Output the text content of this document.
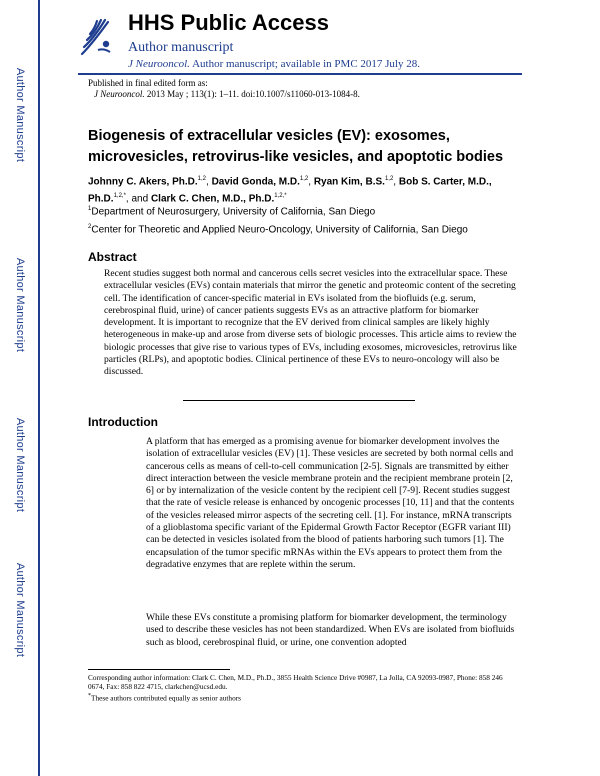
Author Manuscript
Author Manuscript
Author Manuscript
Author Manuscript
HHS Public Access
Author manuscript
J Neurooncol. Author manuscript; available in PMC 2017 July 28.
Published in final edited form as:
J Neurooncol. 2013 May ; 113(1): 1–11. doi:10.1007/s11060-013-1084-8.
Biogenesis of extracellular vesicles (EV): exosomes, microvesicles, retrovirus-like vesicles, and apoptotic bodies
Johnny C. Akers, Ph.D.$^{1,2}$, David Gonda, M.D.$^{1,2}$, Ryan Kim, B.S.$^{1,2}$, Bob S. Carter, M.D., Ph.D.$^{1,2,*}$, and Clark C. Chen, M.D., Ph.D.$^{1,2,*}$
$^1$Department of Neurosurgery, University of California, San Diego
$^2$Center for Theoretic and Applied Neuro-Oncology, University of California, San Diego
Abstract

Recent studies suggest both normal and cancerous cells secret vesicles into the extracellular space. These extracellular vesicles (EVs) contain materials that mirror the genetic and proteomic content of the secreting cell. The identification of cancer-specific material in EVs isolated from the biofluids (e.g. serum, cerebrospinal fluid, urine) of cancer patients suggests EVs as an attractive platform for biomarker development. It is important to recognize that the EV derived from clinical samples are likely highly heterogeneous in make-up and arose from diverse sets of biologic processes. This article aims to review the biologic processes that give rise to various types of EVs, including exosomes, microvesicles, retrovirus like particles (RLPs), and apoptotic bodies. Clinical pertinence of these EVs to neuro-oncology will also be discussed.

Introduction

A platform that has emerged as a promising avenue for biomarker development involves the isolation of extracellular vesicles (EV) [1]. These vesicles are secreted by both normal cells and cancerous cells as means of cell-to-cell communication [2-5]. Signals are transmitted by either direct interaction between the vesicle membrane protein and the recipient membrane protein [2, 6] or by internalization of the vesicle content by the recipient cell [7-9]. Recent studies suggest that the rate of vesicle release is enhanced by oncogenic processes [10, 11] and that the contents of the vesicles released mirror aspects of the secreting cell. [1]. For instance, mRNA transcripts of a glioblastoma specific variant of the Epidermal Growth Factor Receptor (EGFR variant III) can be detected in vesicles isolated from the blood of patients harboring such tumors [1]. The encapsulation of the tumor specific mRNAs within the EVs appears to protect them from the degradative enzymes that are replete within the serum.

While these EVs constitute a promising platform for biomarker development, the terminology used to describe these vesicles has not been standardized. When EVs are isolated from biofluids such as blood, cerebrospinal fluid, or urine, one convention adopted

Corresponding author information: Clark C. Chen, M.D., Ph.D., 3855 Health Science Drive #0987, La Jolla, CA 92093-0987, Phone: 858 246 0674, Fax: 858 822 4715, clarkchen@ucsd.edu.

*These authors contributed equally as senior authors
